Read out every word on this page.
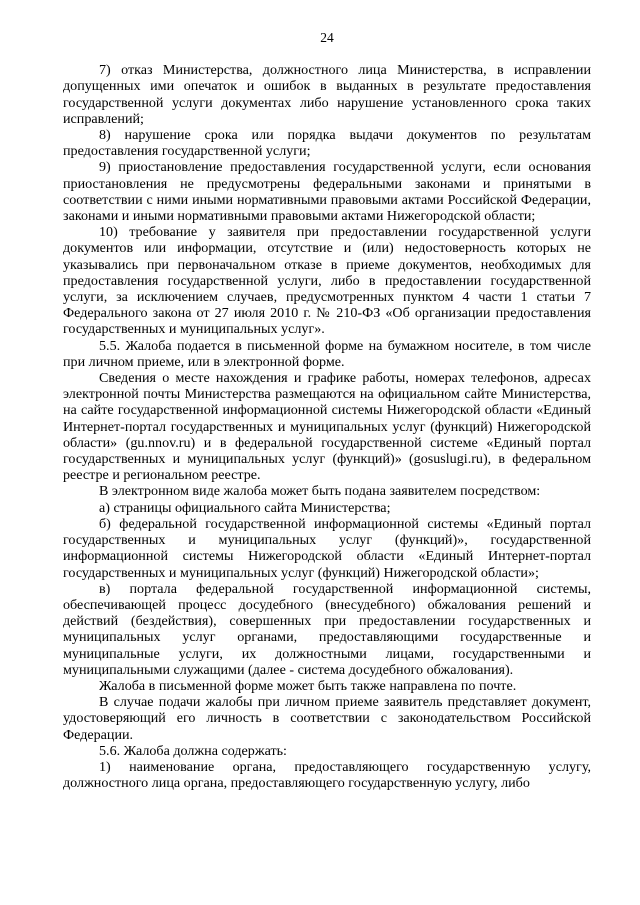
24

7) отказ Министерства, должностного лица Министерства, в исправлении допущенных ими опечаток и ошибок в выданных в результате предоставления государственной услуги документах либо нарушение установленного срока таких исправлений;

8) нарушение срока или порядка выдачи документов по результатам предоставления государственной услуги;

9) приостановление предоставления государственной услуги, если основания приостановления не предусмотрены федеральными законами и принятыми в соответствии с ними иными нормативными правовыми актами Российской Федерации, законами и иными нормативными правовыми актами Нижегородской области;

10) требование у заявителя при предоставлении государственной услуги документов или информации, отсутствие и (или) недостоверность которых не указывались при первоначальном отказе в приеме документов, необходимых для предоставления государственной услуги, либо в предоставлении государственной услуги, за исключением случаев, предусмотренных пунктом 4 части 1 статьи 7 Федерального закона от 27 июля 2010 г. № 210-ФЗ «Об организации предоставления государственных и муниципальных услуг».

5.5. Жалоба подается в письменной форме на бумажном носителе, в том числе при личном приеме, или в электронной форме.

Сведения о месте нахождения и графике работы, номерах телефонов, адресах электронной почты Министерства размещаются на официальном сайте Министерства, на сайте государственной информационной системы Нижегородской области «Единый Интернет-портал государственных и муниципальных услуг (функций) Нижегородской области» (gu.nnov.ru) и в федеральной государственной системе «Единый портал государственных и муниципальных услуг (функций)» (gosuslugi.ru), в федеральном реестре и региональном реестре.

В электронном виде жалоба может быть подана заявителем посредством:

а) страницы официального сайта Министерства;

б) федеральной государственной информационной системы «Единый портал государственных и муниципальных услуг (функций)», государственной информационной системы Нижегородской области «Единый Интернет-портал государственных и муниципальных услуг (функций) Нижегородской области»;

в) портала федеральной государственной информационной системы, обеспечивающей процесс досудебного (внесудебного) обжалования решений и действий (бездействия), совершенных при предоставлении государственных и муниципальных услуг органами, предоставляющими государственные и муниципальные услуги, их должностными лицами, государственными и муниципальными служащими (далее - система досудебного обжалования).

Жалоба в письменной форме может быть также направлена по почте.

В случае подачи жалобы при личном приеме заявитель представляет документ, удостоверяющий его личность в соответствии с законодательством Российской Федерации.

5.6. Жалоба должна содержать:

1) наименование органа, предоставляющего государственную услугу, должностного лица органа, предоставляющего государственную услугу, либо
